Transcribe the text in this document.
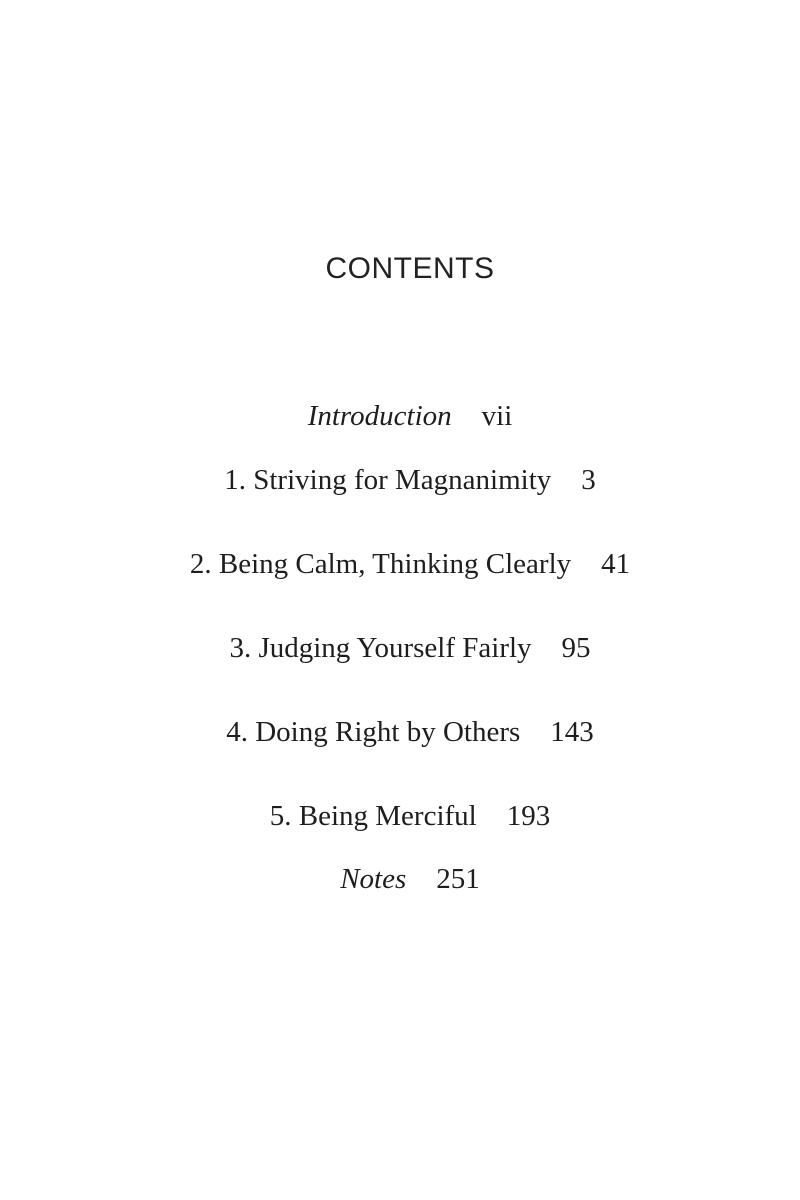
CONTENTS
Introduction vii
1. Striving for Magnanimity 3
2. Being Calm, Thinking Clearly 41
3. Judging Yourself Fairly 95
4. Doing Right by Others 143
5. Being Merciful 193
Notes 251
